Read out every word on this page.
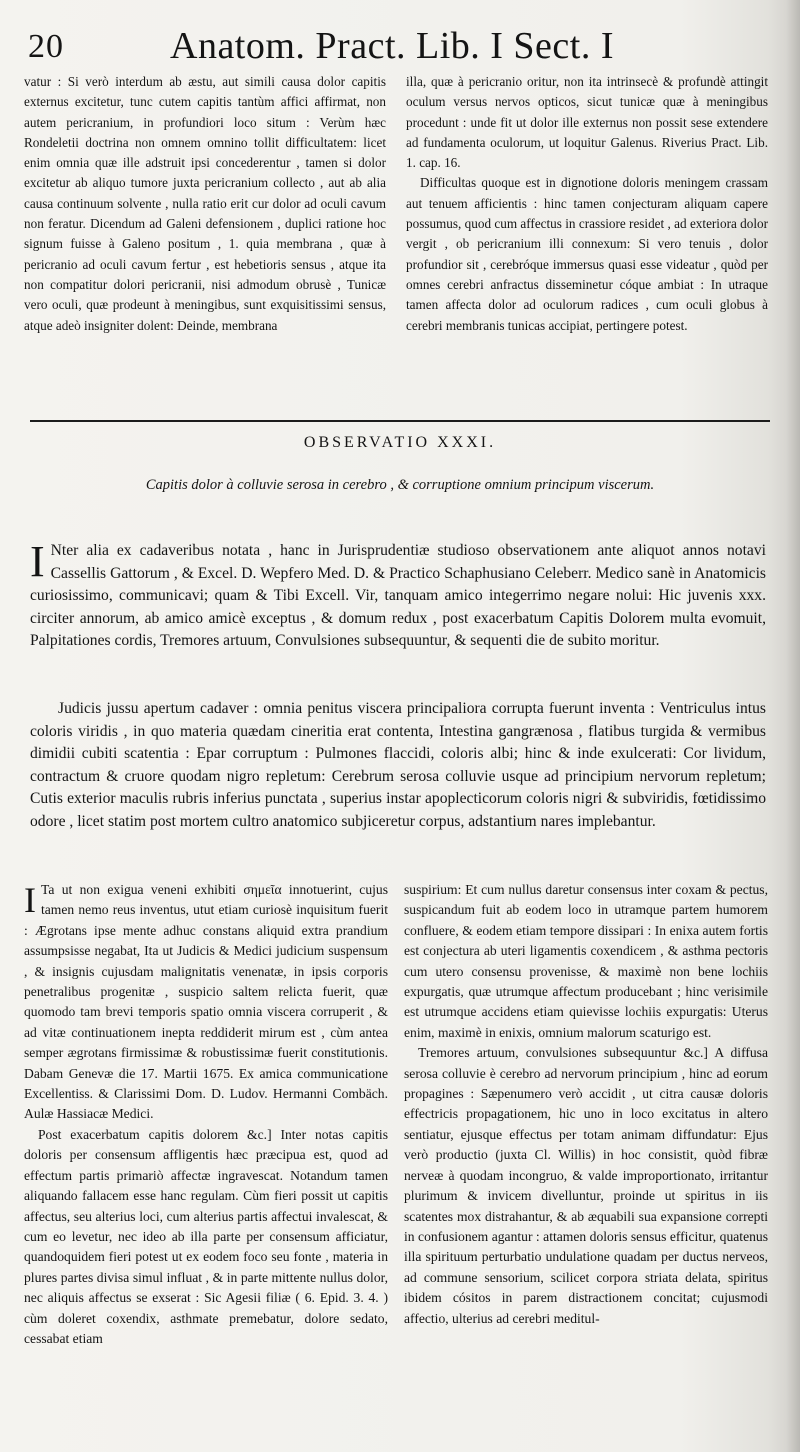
20	Anatom. Pract. Lib. I Sect. I

vatur : Si verò interdum ab æstu, aut simili causa dolor capitis externus excitetur, tunc cutem capitis tantùm affici affirmat, non autem pericranium, in profundiori loco situm : Verùm hæc Rondeletii doctrina non omnem omnino tollit difficultatem: licet enim omnia quæ ille adstruit ipsi concederentur , tamen si dolor excitetur ab aliquo tumore juxta pericranium collecto , aut ab alia causa continuum solvente , nulla ratio erit cur dolor ad oculi cavum non feratur. Dicendum ad Galeni defensionem , duplici ratione hoc signum fuisse à Galeno positum , 1. quia membrana , quæ à pericranio ad oculi cavum fertur , est hebetioris sensus , atque ita non compatitur dolori pericranii, nisi admodum obrusè , Tunicæ vero oculi, quæ prodeunt à meningibus, sunt exquisitissimi sensus, atque adeò insigniter dolent: Deinde, membrana

illa, quæ à pericranio oritur, non ita intrinsecè & profundè attingit oculum versus nervos opticos, sicut tunicæ quæ à meningibus procedunt : unde fit ut dolor ille externus non possit sese extendere ad fundamenta oculorum, ut loquitur Galenus. Riverius Pract. Lib. 1. cap. 16.

Difficultas quoque est in dignotione doloris meningem crassam aut tenuem afficientis : hinc tamen conjecturam aliquam capere possumus, quod cum affectus in crassiore residet , ad exteriora dolor vergit , ob pericranium illi connexum: Si vero tenuis , dolor profundior sit , cerebróque immersus quasi esse videatur , quòd per omnes cerebri anfractus disseminetur cóque ambiat : In utraque tamen affecta dolor ad oculorum radices , cum oculi globus à cerebri membranis tunicas accipiat, pertingere potest.

OBSERVATIO XXXI.
Capitis dolor à colluvie serosa in cerebro , & corruptione omnium principum viscerum.
I Nter alia ex cadaveribus notata , hanc in Jurisprudentiæ studioso observationem ante aliquot annos notavi Cassellis Gattorum , & Excel. D. Wepfero Med. D. & Practico Schaphusiano Celeberr. Medico sanè in Anatomicis curiosissimo, communicavi; quam & Tibi Excell. Vir, tanquam amico integerrimo negare nolui: Hic juvenis xxx. circiter annorum, ab amico amicè exceptus , & domum redux , post exacerbatum Capitis Dolorem multa evomuit, Palpitationes cordis, Tremores artuum, Convulsiones subsequuntur, & sequenti die de subito moritur.
Judicis jussu apertum cadaver : omnia penitus viscera principaliora corrupta fuerunt inventa : Ventriculus intus coloris viridis , in quo materia quædam cineritia erat contenta, Intestina gangrænosa , flatibus turgida & vermibus dimidii cubiti scatentia : Epar corruptum : Pulmones flaccidi, coloris albi; hinc & inde exulcerati: Cor lividum, contractum & cruore quodam nigro repletum: Cerebrum serosa colluvie usque ad principium nervorum repletum; Cutis exterior maculis rubris inferius punctata , superius instar apoplecticorum coloris nigri & subviridis, fœtidissimo odore , licet statim post mortem cultro anatomico subjiceretur corpus, adstantium nares implebantur.

I Ta ut non exigua veneni exhibiti σημεῖα innotuerint, cujus tamen nemo reus inventus, utut etiam curiosè inquisitum fuerit : Ægrotans ipse mente adhuc constans aliquid extra prandium assumpsisse negabat, Ita ut Judicis & Medici judicium suspensum , & insignis cujusdam malignitatis venenatæ, in ipsis corporis penetralibus progenitæ , suspicio saltem relicta fuerit, quæ quomodo tam brevi temporis spatio omnia viscera corruperit , & ad vitæ continuationem inepta reddiderit mirum est , cùm antea semper ægrotans firmissimæ & robustissimæ fuerit constitutionis. Dabam Genevæ die 17. Martii 1675. Ex amica communicatione Excellentiss. & Clarissimi Dom. D. Ludov. Hermanni Combäch. Aulæ Hassiacæ Medici.

Post exacerbatum capitis dolorem &c.] Inter notas capitis doloris per consensum affligentis hæc præcipua est, quod ad effectum partis primariò affectæ ingravescat. Notandum tamen aliquando fallacem esse hanc regulam. Cùm fieri possit ut capitis affectus, seu alterius loci, cum alterius partis affectui invalescat, & cum eo levetur, nec ideo ab illa parte per consensum afficiatur, quandoquidem fieri potest ut ex eodem foco seu fonte , materia in plures partes divisa simul influat , & in parte mittente nullus dolor, nec aliquis affectus se exserat : Sic Agesii filiæ ( 6. Epid. 3. 4. ) cùm doleret coxendix, asthmate premebatur, dolore sedato, cessabat etiam

suspirium: Et cum nullus daretur consensus inter coxam & pectus, suspicandum fuit ab eodem loco in utramque partem humorem confluere, & eodem etiam tempore dissipari : In enixa autem fortis est conjectura ab uteri ligamentis coxendicem , & asthma pectoris cum utero consensu provenisse, & maximè non bene lochiis expurgatis, quæ utrumque affectum producebant ; hinc verisimile est utrumque accidens etiam quievisse lochiis expurgatis: Uterus enim, maximè in enixis, omnium malorum scaturigo est.

Tremores artuum, convulsiones subsequuntur &c.] A diffusa serosa colluvie è cerebro ad nervorum principium , hinc ad eorum propagines : Sæpenumero verò accidit , ut citra causæ doloris effectricis propagationem, hic uno in loco excitatus in altero sentiatur, ejusque effectus per totam animam diffundatur: Ejus verò productio (juxta Cl. Willis) in hoc consistit, quòd fibræ nerveæ à quodam incongruo, & valde improportionato, irritantur plurimum & invicem divelluntur, proinde ut spiritus in iis scatentes mox distrahantur, & ab æquabili sua expansione correpti in confusionem agantur : attamen doloris sensus efficitur, quatenus illa spirituum perturbatio undulatione quadam per ductus nerveos, ad commune sensorium, scilicet corpora striata delata, spiritus ibidem cósitos in parem distractionem concitat; cujusmodi affectio, ulterius ad cerebri meditul-
